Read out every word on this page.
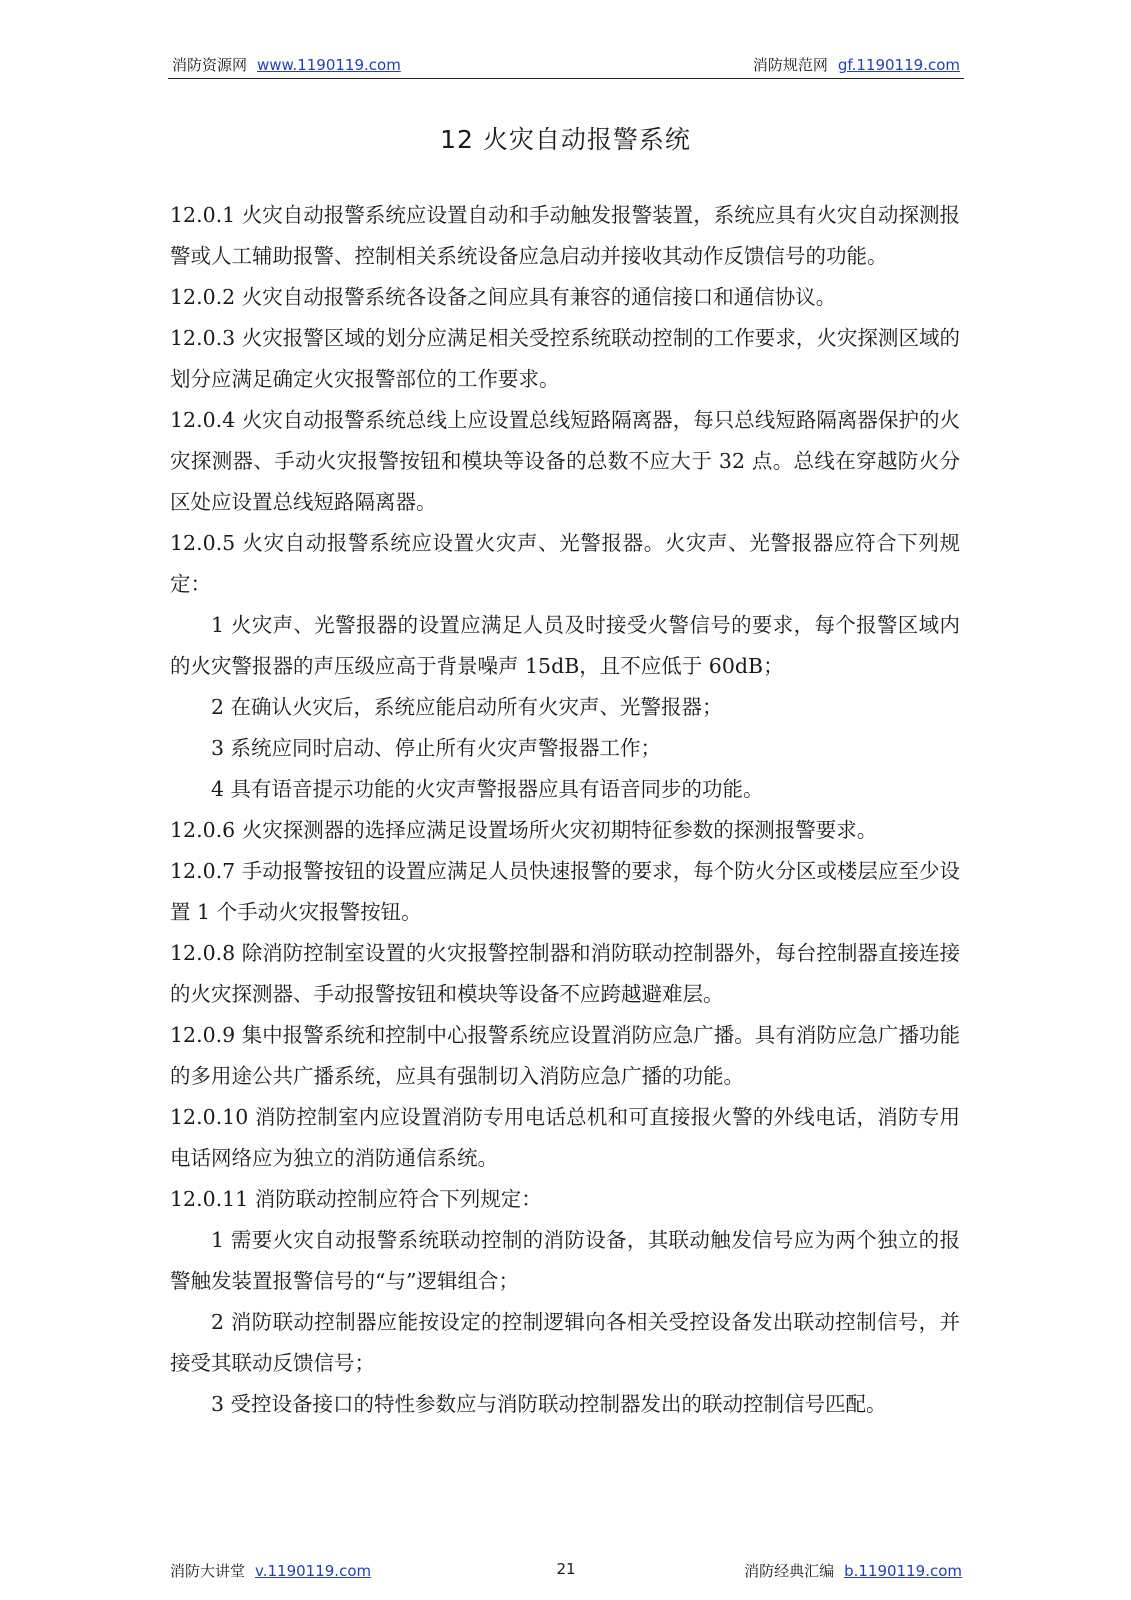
消防资源网 www.1190119.com	消防规范网 gf.1190119.com
12 火灾自动报警系统

12.0.1 火灾自动报警系统应设置自动和手动触发报警装置，系统应具有火灾自动探测报警或人工辅助报警、控制相关系统设备应急启动并接收其动作反馈信号的功能。

12.0.2 火灾自动报警系统各设备之间应具有兼容的通信接口和通信协议。

12.0.3 火灾报警区域的划分应满足相关受控系统联动控制的工作要求，火灾探测区域的划分应满足确定火灾报警部位的工作要求。

12.0.4 火灾自动报警系统总线上应设置总线短路隔离器，每只总线短路隔离器保护的火灾探测器、手动火灾报警按钮和模块等设备的总数不应大于 32 点。总线在穿越防火分区处应设置总线短路隔离器。

12.0.5 火灾自动报警系统应设置火灾声、光警报器。火灾声、光警报器应符合下列规定：

1 火灾声、光警报器的设置应满足人员及时接受火警信号的要求，每个报警区域内的火灾警报器的声压级应高于背景噪声 15dB，且不应低于 60dB；

2 在确认火灾后，系统应能启动所有火灾声、光警报器；

3 系统应同时启动、停止所有火灾声警报器工作；

4 具有语音提示功能的火灾声警报器应具有语音同步的功能。

12.0.6 火灾探测器的选择应满足设置场所火灾初期特征参数的探测报警要求。

12.0.7 手动报警按钮的设置应满足人员快速报警的要求，每个防火分区或楼层应至少设置 1 个手动火灾报警按钮。

12.0.8 除消防控制室设置的火灾报警控制器和消防联动控制器外，每台控制器直接连接的火灾探测器、手动报警按钮和模块等设备不应跨越避难层。

12.0.9 集中报警系统和控制中心报警系统应设置消防应急广播。具有消防应急广播功能的多用途公共广播系统，应具有强制切入消防应急广播的功能。

12.0.10 消防控制室内应设置消防专用电话总机和可直接报火警的外线电话，消防专用电话网络应为独立的消防通信系统。

12.0.11 消防联动控制应符合下列规定：

1 需要火灾自动报警系统联动控制的消防设备，其联动触发信号应为两个独立的报警触发装置报警信号的“与”逻辑组合；

2 消防联动控制器应能按设定的控制逻辑向各相关受控设备发出联动控制信号，并接受其联动反馈信号；

3 受控设备接口的特性参数应与消防联动控制器发出的联动控制信号匹配。

消防大讲堂 v.1190119.com	21	消防经典汇编 b.1190119.com
